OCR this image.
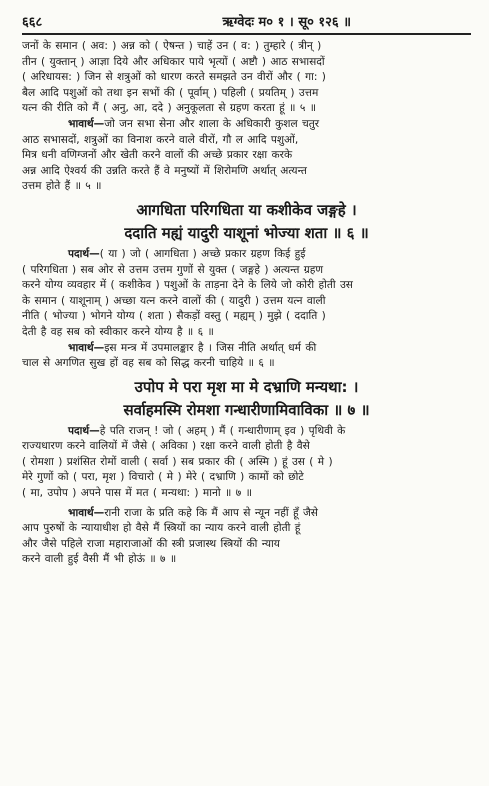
६६८	ऋग्वेदः म० १ । सू० १२६ ॥

जनों के समान ( अव: ) अन्न को ( ऐषन्त ) चाहें उन ( व: ) तुम्हारे ( त्रीन् )

तीन ( युक्तान् ) आज्ञा दिये और अधिकार पाये भृत्यों ( अष्टौ ) आठ सभासदों

( अरिधायस: ) जिन से शत्रुओं को धारण करते समझते उन वीरों और ( गा: )

बैल आदि पशुओं को तथा इन सभों की ( पूर्वाम् ) पहिली ( प्रयतिम् ) उत्तम

यत्न की रीति को मैं ( अनु, आ, ददे ) अनुकूलता से ग्रहण करता हूं ॥ ५ ॥

भावार्थ—जो जन सभा सेना और शाला के अधिकारी कुशल चतुर

आठ सभासदों, शत्रुओं का विनाश करने वाले वीरों, गौ ल आदि पशुओं,

मित्र धनी वणिग्जनों और खेती करने वालों की अच्छे प्रकार रक्षा करके

अन्न आदि ऐश्वर्य की उन्नति करते हैं वे मनुष्यों में शिरोमणि अर्थात् अत्यन्त

उत्तम होते हैं ॥ ५ ॥

आगधिता परिगधिता या कशीकेव जङ्गहे ।

ददाति मह्यं यादुरी याशूनां भोज्या शता ॥ ६ ॥

पदार्थ—( या ) जो ( आगधिता ) अच्छे प्रकार ग्रहण किई हुई

( परिगधिता ) सब ओर से उत्तम उत्तम गुणों से युक्त ( जङ्गहे ) अत्यन्त ग्रहण

करने योग्य व्यवहार में ( कशीकेव ) पशुओं के ताड़ना देने के लिये जो कोरी होती उस

के समान ( याशूनाम् ) अच्छा यत्न करने वालों की ( यादुरी ) उत्तम यत्न वाली

नीति ( भोज्या ) भोगने योग्य ( शता ) सैकड़ों वस्तु ( मह्यम् ) मुझे ( ददाति )

देती है वह सब को स्वीकार करने योग्य है ॥ ६ ॥

भावार्थ—इस मन्त्र में उपमालङ्कार है । जिस नीति अर्थात् धर्म की

चाल से अगणित सुख हों वह सब को सिद्ध करनी चाहिये ॥ ६ ॥

उपोप मे परा मृश मा मे दभ्राणि मन्यथा: ।

सर्वाहमस्मि रोमशा गन्धारीणामिवाविका ॥ ७ ॥

पदार्थ—हे पति राजन् ! जो ( अहम् ) मैं ( गन्धारीणाम् इव ) पृथिवी के

राज्यधारण करने वालियों में जैसे ( अविका ) रक्षा करने वाली होती है वैसे

( रोमशा ) प्रशंसित रोमों वाली ( सर्वा ) सब प्रकार की ( अस्मि ) हूं उस ( मे )

मेरे गुणों को ( परा, मृश ) विचारो ( मे ) मेरे ( दभ्राणि ) कामों को छोटे

( मा, उपोप ) अपने पास में मत ( मन्यथा: ) मानो ॥ ७ ॥

भावार्थ—रानी राजा के प्रति कहे कि मैं आप से न्यून नहीं हूँ जैसे

आप पुरुषों के न्यायाधीश हो वैसे मैं स्त्रियों का न्याय करने वाली होती हूं

और जैसे पहिले राजा महाराजाओं की स्त्री प्रजास्थ स्त्रियों की न्याय

करने वाली हुई वैसी मैं भी होऊं ॥ ७ ॥
